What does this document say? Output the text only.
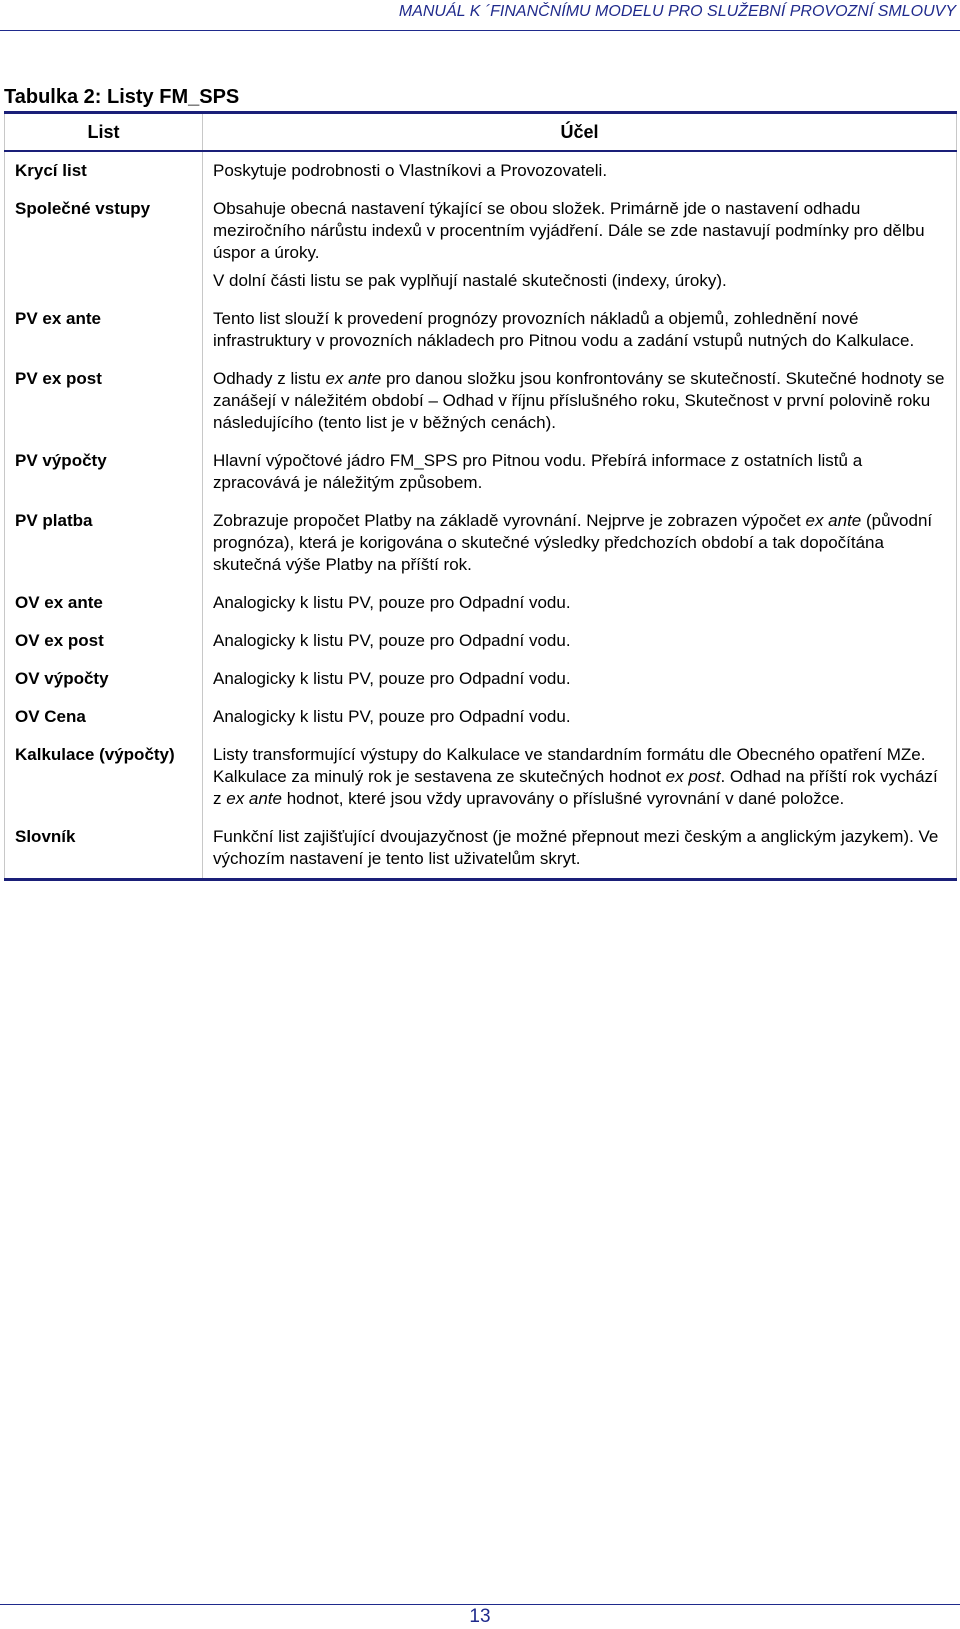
MANUÁL K ´FINANČNÍMU MODELU PRO SLUŽEBNÍ PROVOZNÍ SMLOUVY
Tabulka 2: Listy FM_SPS
List	Účel
Krycí list	Poskytuje podrobnosti o Vlastníkovi a Provozovateli.

Společné vstupy	Obsahuje obecná nastavení týkající se obou složek. Primárně jde o nastavení odhadu meziročního nárůstu indexů v procentním vyjádření. Dále se zde nastavují podmínky pro dělbu úspor a úroky.

V dolní části listu se pak vyplňují nastalé skutečnosti (indexy, úroky).

PV ex ante	Tento list slouží k provedení prognózy provozních nákladů a objemů, zohlednění nové infrastruktury v provozních nákladech pro Pitnou vodu a zadání vstupů nutných do Kalkulace.

PV ex post	Odhady z listu ex ante pro danou složku jsou konfrontovány se skutečností. Skutečné hodnoty se zanášejí v náležitém období – Odhad v říjnu příslušného roku, Skutečnost v první polovině roku následujícího (tento list je v běžných cenách).

PV výpočty	Hlavní výpočtové jádro FM_SPS pro Pitnou vodu. Přebírá informace z ostatních listů a zpracovává je náležitým způsobem.

PV platba	Zobrazuje propočet Platby na základě vyrovnání. Nejprve je zobrazen výpočet ex ante (původní prognóza), která je korigována o skutečné výsledky předchozích období a tak dopočítána skutečná výše Platby na příští rok.

OV ex ante	Analogicky k listu PV, pouze pro Odpadní vodu.

OV ex post	Analogicky k listu PV, pouze pro Odpadní vodu.

OV výpočty	Analogicky k listu PV, pouze pro Odpadní vodu.

OV Cena	Analogicky k listu PV, pouze pro Odpadní vodu.

Kalkulace (výpočty)	Listy transformující výstupy do Kalkulace ve standardním formátu dle Obecného opatření MZe. Kalkulace za minulý rok je sestavena ze skutečných hodnot ex post. Odhad na příští rok vychází z ex ante hodnot, které jsou vždy upravovány o příslušné vyrovnání v dané položce.

Slovník	Funkční list zajišťující dvoujazyčnost (je možné přepnout mezi českým a anglickým jazykem). Ve výchozím nastavení je tento list uživatelům skryt.

13
